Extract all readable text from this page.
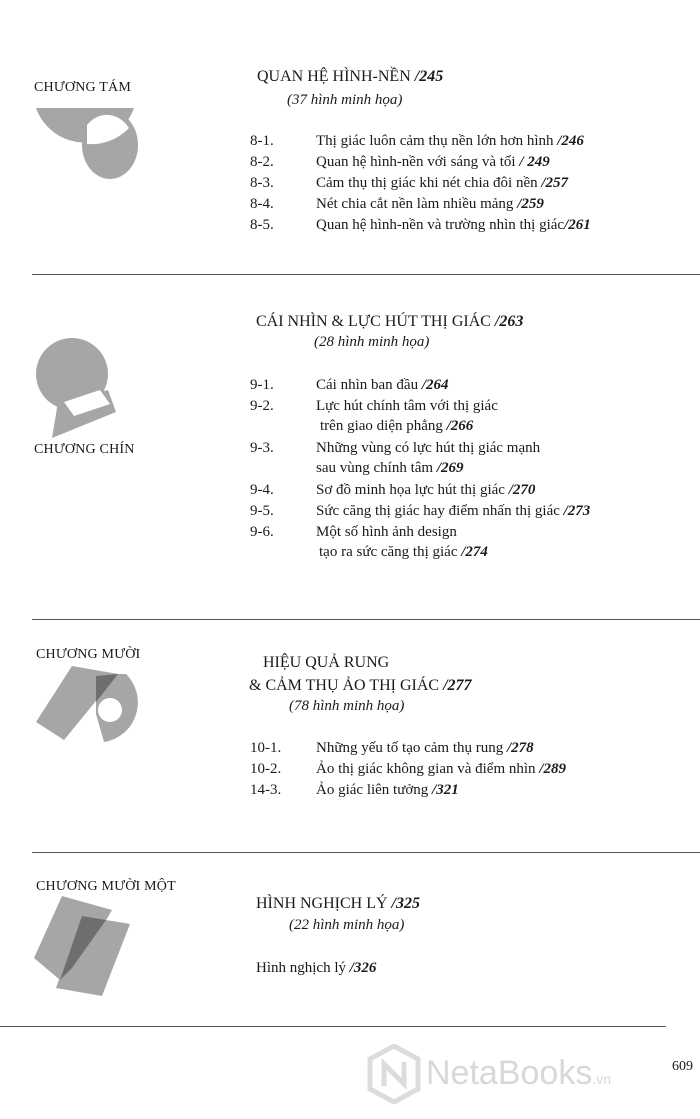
CHƯƠNG TÁM
QUAN HỆ HÌNH-NỀN /245
(37 hình minh họa)
8-1.	Thị giác luôn cảm thụ nền lớn hơn hình /246
8-2.	Quan hệ hình-nền với sáng và tối / 249
8-3.	Cảm thụ thị giác khi nét chia đôi nền /257
8-4.	Nét chia cắt nền làm nhiều mảng /259
8-5.	Quan hệ hình-nền và trường nhìn thị giác/261
CHƯƠNG CHÍN
CÁI NHÌN & LỰC HÚT THỊ GIÁC /263
(28 hình minh họa)
9-1.	Cái nhìn ban đầu /264
9-2.	Lực hút chính tâm với thị giác
trên giao diện phẳng /266
9-3.	Những vùng có lực hút thị giác mạnh
sau vùng chính tâm /269
9-4.	Sơ đồ minh họa lực hút thị giác /270
9-5.	Sức căng thị giác hay điểm nhấn thị giác /273
9-6.	Một số hình ảnh design
tạo ra sức căng thị giác /274
CHƯƠNG MƯỜI	HIỆU QUẢ RUNG
& CẢM THỤ ẢO THỊ GIÁC /277
(78 hình minh họa)
10-1. Những yếu tố tạo cảm thụ rung /278
10-2. Ảo thị giác không gian và điểm nhìn /289
14-3. Ảo giác liên tưởng /321
CHƯƠNG MƯỜI MỘT
HÌNH NGHỊCH LÝ /325
(22 hình minh họa)
Hình nghịch lý /326
NetaBooks.vn
609
